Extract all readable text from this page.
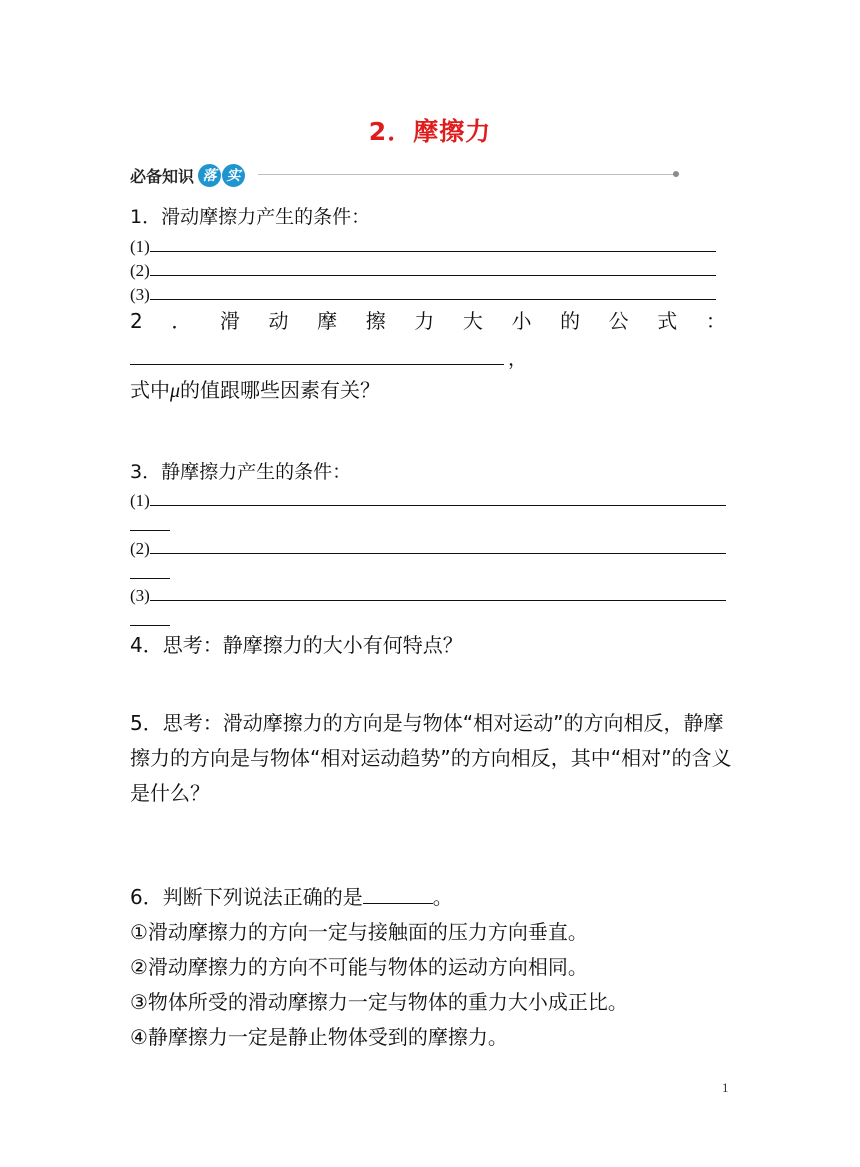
2．摩擦力
必备知识 落 实
1．滑动摩擦力产生的条件：
(1)
(2)
(3)
2 ． 滑 动 摩 擦 力 大 小 的 公 式 ：
，
式中μ的值跟哪些因素有关？
3．静摩擦力产生的条件：
(1)
(2)
(3)
4．思考：静摩擦力的大小有何特点？
5．思考：滑动摩擦力的方向是与物体“相对运动”的方向相反，静摩
擦力的方向是与物体“相对运动趋势”的方向相反，其中“相对”的含义
是什么？
6．判断下列说法正确的是	。
①滑动摩擦力的方向一定与接触面的压力方向垂直。
②滑动摩擦力的方向不可能与物体的运动方向相同。
③物体所受的滑动摩擦力一定与物体的重力大小成正比。
④静摩擦力一定是静止物体受到的摩擦力。
1
